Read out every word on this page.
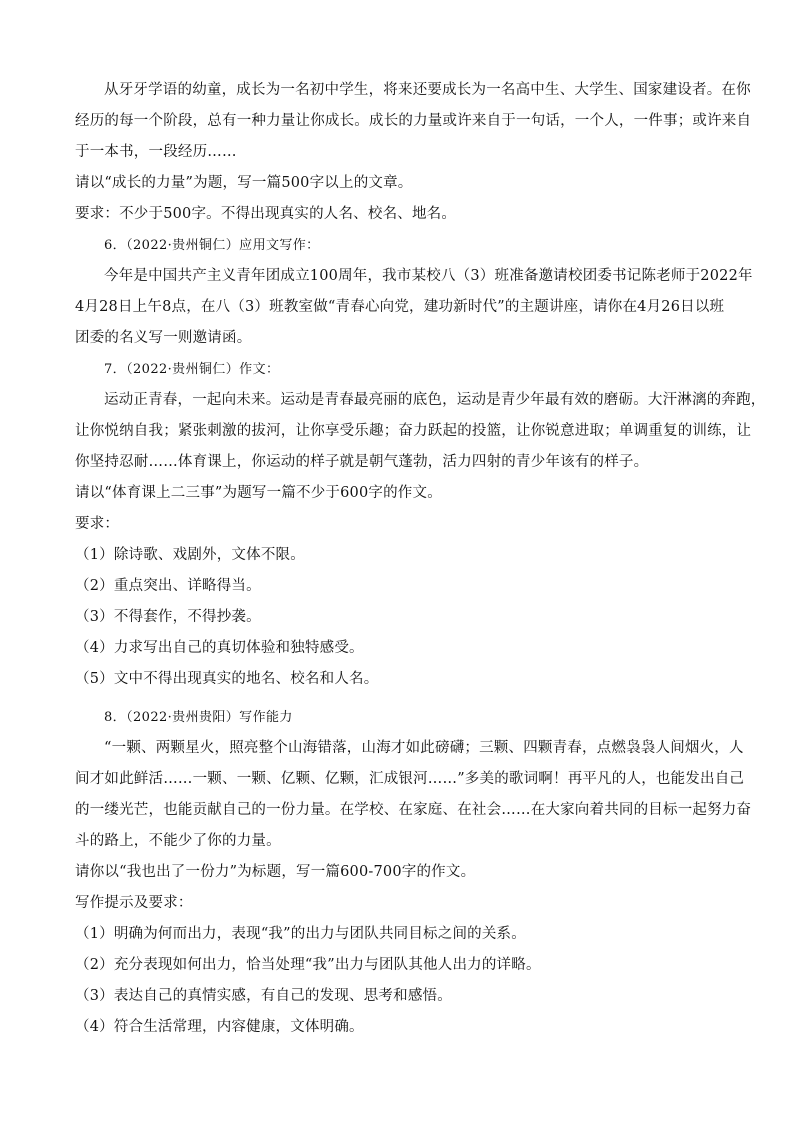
从牙牙学语的幼童，成长为一名初中学生，将来还要成长为一名高中生、大学生、国家建设者。在你
经历的每一个阶段，总有一种力量让你成长。成长的力量或许来自于一句话，一个人，一件事；或许来自
于一本书，一段经历……
请以“成长的力量”为题，写一篇500字以上的文章。
要求：不少于500字。不得出现真实的人名、校名、地名。
6．（2022·贵州铜仁）应用文写作：
今年是中国共产主义青年团成立100周年，我市某校八（3）班准备邀请校团委书记陈老师于2022年
4月28日上午8点，在八（3）班教室做“青春心向党，建功新时代”的主题讲座，请你在4月26日以班
团委的名义写一则邀请函。
7．（2022·贵州铜仁）作文：
运动正青春，一起向未来。运动是青春最亮丽的底色，运动是青少年最有效的磨砺。大汗淋漓的奔跑，
让你悦纳自我；紧张刺激的拔河，让你享受乐趣；奋力跃起的投篮，让你锐意进取；单调重复的训练，让
你坚持忍耐……体育课上，你运动的样子就是朝气蓬勃，活力四射的青少年该有的样子。
请以“体育课上二三事”为题写一篇不少于600字的作文。
要求：
（1）除诗歌、戏剧外，文体不限。
（2）重点突出、详略得当。
（3）不得套作，不得抄袭。
（4）力求写出自己的真切体验和独特感受。
（5）文中不得出现真实的地名、校名和人名。
8．（2022·贵州贵阳）写作能力
“一颗、两颗星火，照亮整个山海错落，山海才如此磅礴；三颗、四颗青春，点燃袅袅人间烟火，人
间才如此鲜活……一颗、一颗、亿颗、亿颗，汇成银河……”多美的歌词啊！再平凡的人，也能发出自己
的一缕光芒，也能贡献自己的一份力量。在学校、在家庭、在社会……在大家向着共同的目标一起努力奋
斗的路上，不能少了你的力量。
请你以“我也出了一份力”为标题，写一篇600-700字的作文。
写作提示及要求：
（1）明确为何而出力，表现“我”的出力与团队共同目标之间的关系。
（2）充分表现如何出力，恰当处理“我”出力与团队其他人出力的详略。
（3）表达自己的真情实感，有自己的发现、思考和感悟。
（4）符合生活常理，内容健康，文体明确。
